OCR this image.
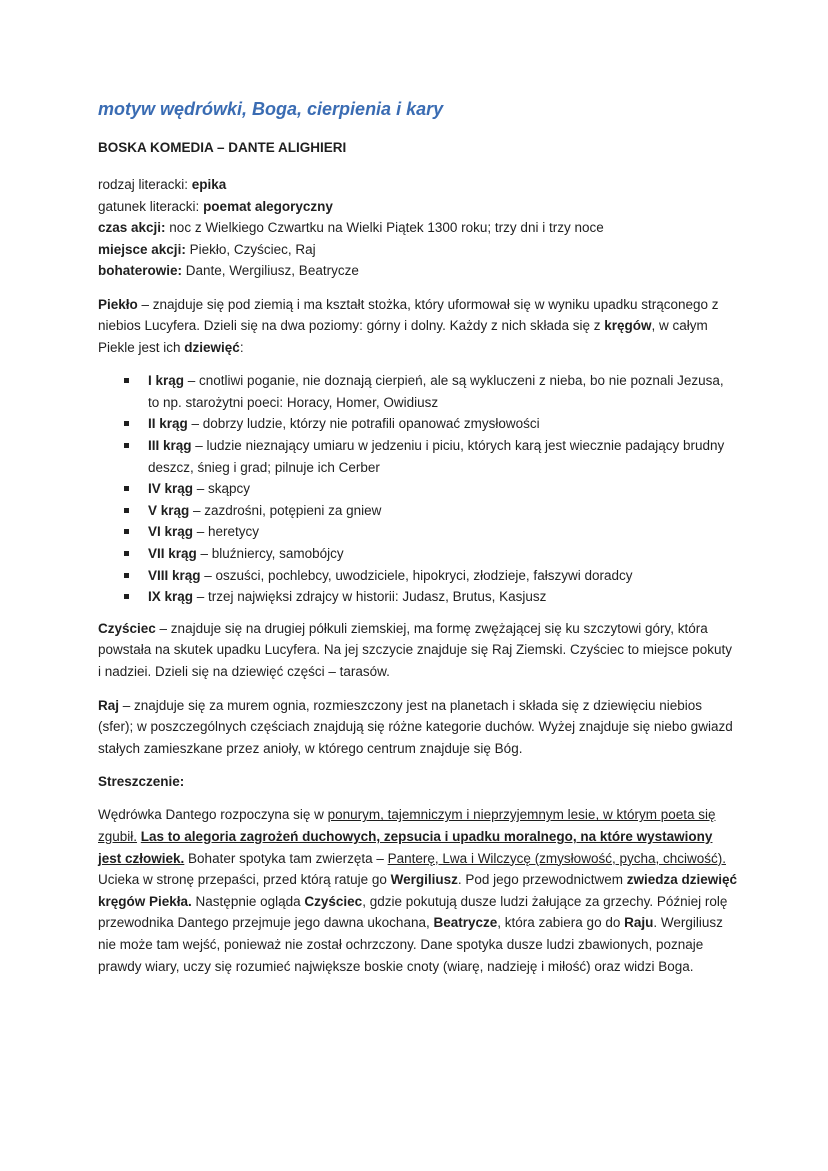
motyw wędrówki, Boga, cierpienia i kary
BOSKA KOMEDIA – DANTE ALIGHIERI

rodzaj literacki: epika

gatunek literacki: poemat alegoryczny

czas akcji: noc z Wielkiego Czwartku na Wielki Piątek 1300 roku; trzy dni i trzy noce

miejsce akcji: Piekło, Czyściec, Raj

bohaterowie: Dante, Wergiliusz, Beatrycze

Piekło – znajduje się pod ziemią i ma kształt stożka, który uformował się w wyniku upadku strąconego z niebios Lucyfera. Dzieli się na dwa poziomy: górny i dolny. Każdy z nich składa się z kręgów, w całym Piekle jest ich dziewięć:

I krąg – cnotliwi poganie, nie doznają cierpień, ale są wykluczeni z nieba, bo nie poznali Jezusa, to np. starożytni poeci: Horacy, Homer, Owidiusz
II krąg – dobrzy ludzie, którzy nie potrafili opanować zmysłowości
III krąg – ludzie nieznający umiaru w jedzeniu i piciu, których karą jest wiecznie padający brudny deszcz, śnieg i grad; pilnuje ich Cerber
IV krąg – skąpcy
V krąg – zazdrośni, potępieni za gniew
VI krąg – heretycy
VII krąg – bluźniercy, samobójcy
VIII krąg – oszuści, pochlebcy, uwodziciele, hipokryci, złodzieje, fałszywi doradcy
IX krąg – trzej najwięksi zdrajcy w historii: Judasz, Brutus, Kasjusz

Czyściec – znajduje się na drugiej półkuli ziemskiej, ma formę zwężającej się ku szczytowi góry, która powstała na skutek upadku Lucyfera. Na jej szczycie znajduje się Raj Ziemski. Czyściec to miejsce pokuty i nadziei. Dzieli się na dziewięć części – tarasów.

Raj – znajduje się za murem ognia, rozmieszczony jest na planetach i składa się z dziewięciu niebios (sfer); w poszczególnych częściach znajdują się różne kategorie duchów. Wyżej znajduje się niebo gwiazd stałych zamieszkane przez anioły, w którego centrum znajduje się Bóg.

Streszczenie:

Wędrówka Dantego rozpoczyna się w ponurym, tajemniczym i nieprzyjemnym lesie, w którym poeta się zgubił. Las to alegoria zagrożeń duchowych, zepsucia i upadku moralnego, na które wystawiony jest człowiek. Bohater spotyka tam zwierzęta – Panterę, Lwa i Wilczycę (zmysłowość, pycha, chciwość). Ucieka w stronę przepaści, przed którą ratuje go Wergiliusz. Pod jego przewodnictwem zwiedza dziewięć kręgów Piekła. Następnie ogląda Czyściec, gdzie pokutują dusze ludzi żałujące za grzechy. Później rolę przewodnika Dantego przejmuje jego dawna ukochana, Beatrycze, która zabiera go do Raju. Wergiliusz nie może tam wejść, ponieważ nie został ochrzczony. Dane spotyka dusze ludzi zbawionych, poznaje prawdy wiary, uczy się rozumieć największe boskie cnoty (wiarę, nadzieję i miłość) oraz widzi Boga.
